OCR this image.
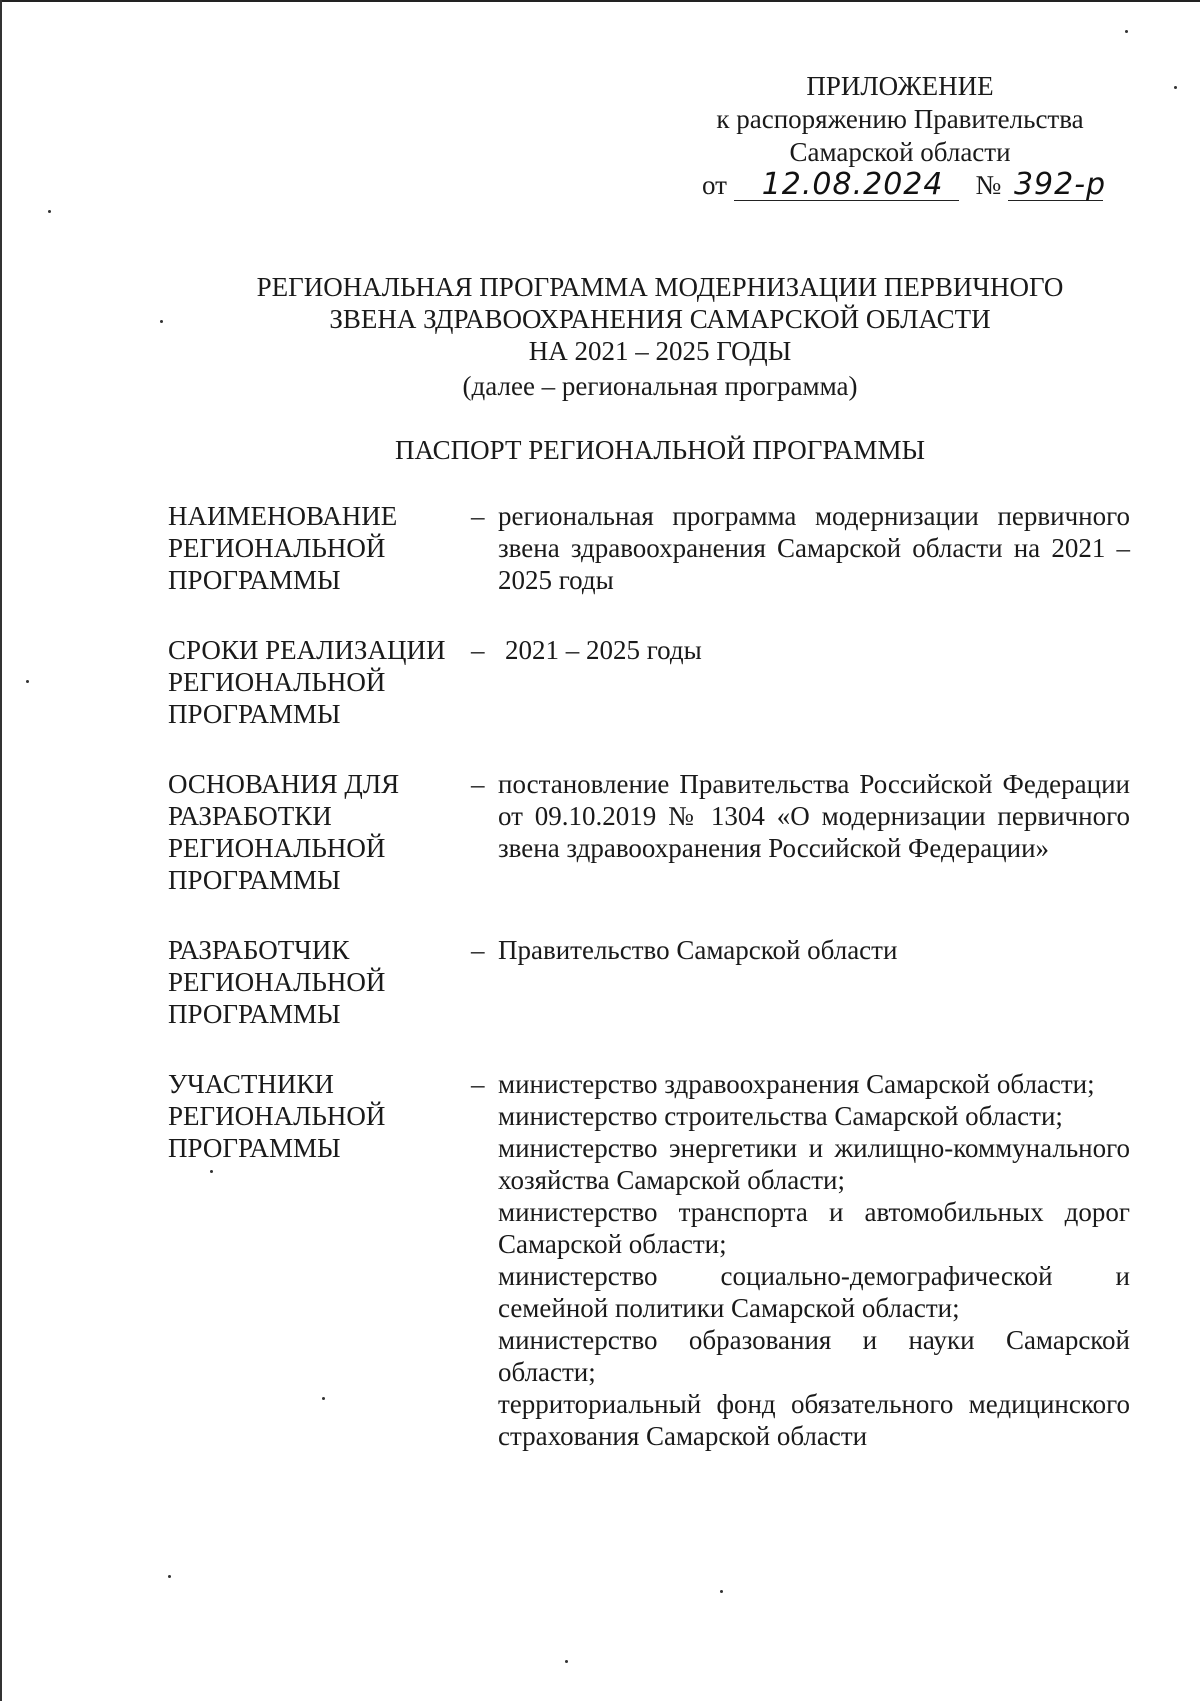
ПРИЛОЖЕНИЕ
к распоряжению Правительства
Самарской области
от 12.08.2024 № 392-р
РЕГИОНАЛЬНАЯ ПРОГРАММА МОДЕРНИЗАЦИИ ПЕРВИЧНОГО
ЗВЕНА ЗДРАВООХРАНЕНИЯ САМАРСКОЙ ОБЛАСТИ
НА 2021 – 2025 ГОДЫ
(далее – региональная программа)
ПАСПОРТ РЕГИОНАЛЬНОЙ ПРОГРАММЫ
НАИМЕНОВАНИЕ
РЕГИОНАЛЬНОЙ
ПРОГРАММЫ
– региональная программа модернизации первичного звена здравоохранения Самарской области на 2021 – 2025 годы
СРОКИ РЕАЛИЗАЦИИ
РЕГИОНАЛЬНОЙ
ПРОГРАММЫ
– 2021 – 2025 годы
ОСНОВАНИЯ ДЛЯ
РАЗРАБОТКИ
РЕГИОНАЛЬНОЙ
ПРОГРАММЫ
– постановление Правительства Российской Федерации от 09.10.2019 № 1304 «О модернизации первичного звена здравоохранения Российской Федерации»
РАЗРАБОТЧИК
РЕГИОНАЛЬНОЙ
ПРОГРАММЫ
– Правительство Самарской области
УЧАСТНИКИ
РЕГИОНАЛЬНОЙ
ПРОГРАММЫ
– министерство здравоохранения Самарской области;
министерство строительства Самарской области;
министерство энергетики и жилищно-коммунального хозяйства Самарской области;
министерство транспорта и автомобильных дорог Самарской области;
министерство социально-демографической и семейной политики Самарской области;
министерство образования и науки Самарской области;
территориальный фонд обязательного медицинского страхования Самарской области
